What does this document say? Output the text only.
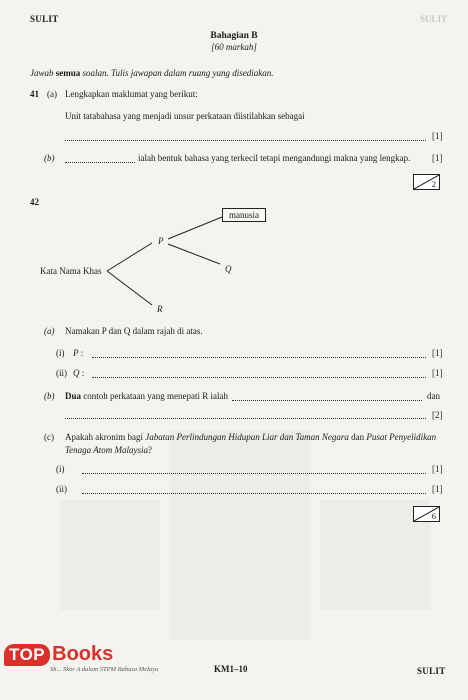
SULIT	SULIT
Bahagian B
[60 markah]
Jawab semua soalan. Tulis jawapan dalam ruang yang disediakan.
41 (a) Lengkapkan maklumat yang berikut:
Unit tatabahasa yang menjadi unsur perkataan diistilahkan sebagai
[1]
(b)	ialah bentuk bahasa yang terkecil tetapi mengandungi makna yang lengkap. [1]
2
42
Kata Nama Khas
P
Q
R
manusia
(a) Namakan P dan Q dalam rajah di atas.
(i) P :	[1]
(ii) Q :	[1]
(b) Dua contoh perkataan yang menepati R ialah	dan
[2]
(c) Apakah akronim bagi Jabatan Perlindungan Hidupan Liar dan Taman Negara dan Pusat Penyelidikan
Tenaga Atom Malaysia?
(i)	[1]
(ii)	[1]
6
Sh... Skor A dalam STPM Bahasa Melayu	KM1–10	SULIT
TOP Books
